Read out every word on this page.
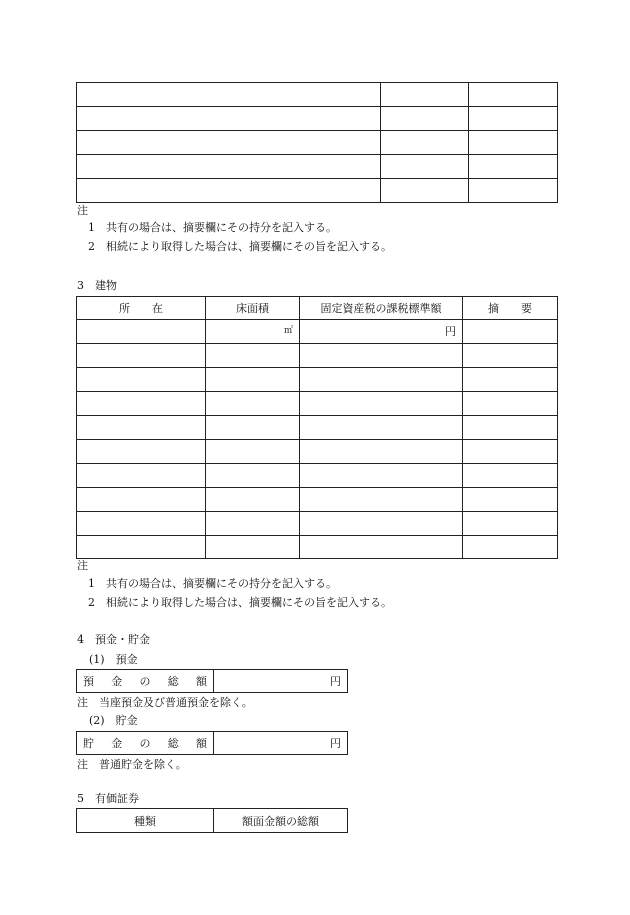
注
1　共有の場合は、摘要欄にその持分を記入する。
2　相続により取得した場合は、摘要欄にその旨を記入する。
3　建物
所　　在	床面積	固定資産税の課税標準額	摘　　要
	㎡	円	

注
1　共有の場合は、摘要欄にその持分を記入する。
2　相続により取得した場合は、摘要欄にその旨を記入する。
4　預金・貯金
(1)　預金
預　金　の　総　額	円
注　当座預金及び普通預金を除く。
(2)　貯金
貯　金　の　総　額	円
注　普通貯金を除く。
5　有価証券
種類	額面金額の総額
